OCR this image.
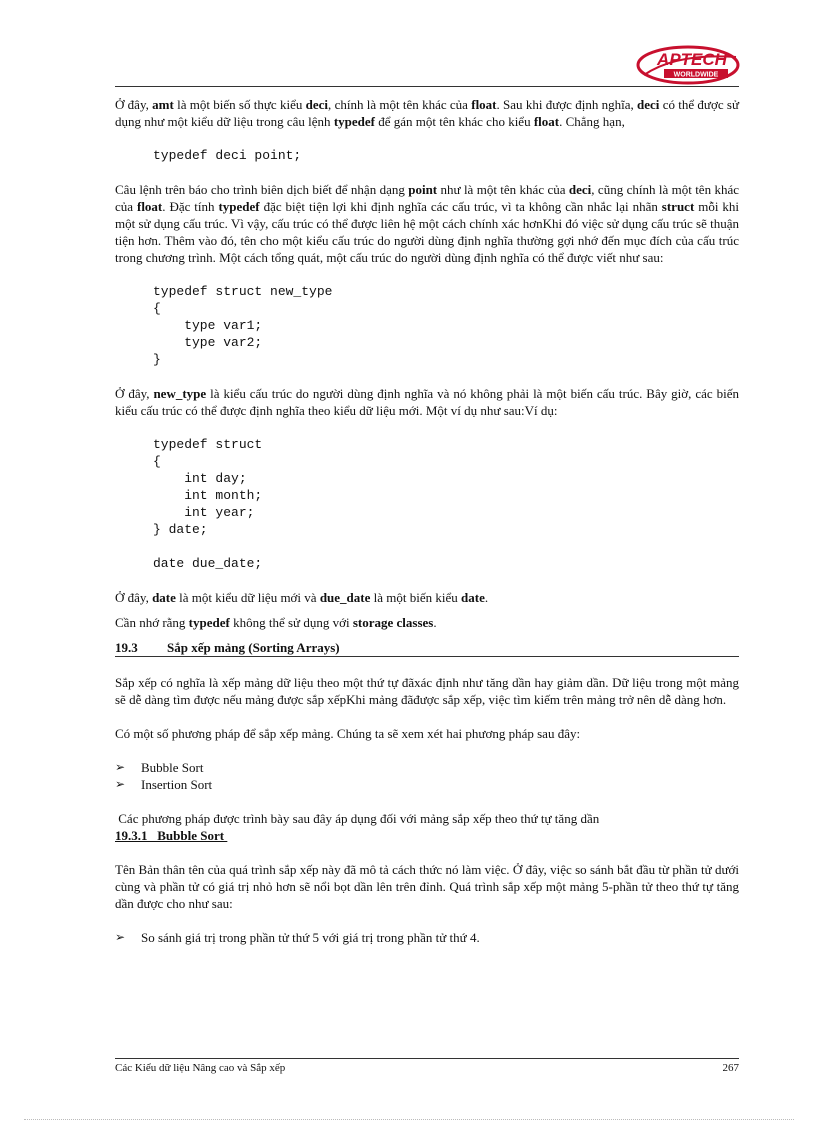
APTECH
WORLDWIDE

Ở đây, amt là một biến số thực kiểu deci, chính là một tên khác của float. Sau khi được định nghĩa, deci có thể được sử dụng như một kiểu dữ liệu trong câu lệnh typedef để gán một tên khác cho kiểu float. Chẳng hạn,

typedef deci point;

Câu lệnh trên báo cho trình biên dịch biết để nhận dạng point như là một tên khác của deci, cũng chính là một tên khác của float. Đặc tính typedef đặc biệt tiện lợi khi định nghĩa các cấu trúc, vì ta không cần nhắc lại nhãn struct mỗi khi một sử dụng cấu trúc. Vì vậy, cấu trúc có thể được liên hệ một cách chính xác hơnKhi đó việc sử dụng cấu trúc sẽ thuận tiện hơn. Thêm vào đó, tên cho một kiểu cấu trúc do người dùng định nghĩa thường gợi nhớ đến mục đích của cấu trúc trong chương trình. Một cách tổng quát, một cấu trúc do người dùng định nghĩa có thể được viết như sau:

typedef struct new_type
{
type var1;
type var2;
}

Ở đây, new_type là kiểu cấu trúc do người dùng định nghĩa và nó không phải là một biến cấu trúc. Bây giờ, các biến kiểu cấu trúc có thể được định nghĩa theo kiểu dữ liệu mới. Một ví dụ như sau:Ví dụ:

typedef struct
{
int day;
int month;
int year;
} date;

date due_date;

Ở đây, date là một kiểu dữ liệu mới và due_date là một biến kiểu date.

Cần nhớ rằng typedef không thể sử dụng với storage classes.

19.3	Sắp xếp mảng (Sorting Arrays)

Sắp xếp có nghĩa là xếp mảng dữ liệu theo một thứ tự đãxác định như tăng dần hay giảm dần. Dữ liệu trong một mảng sẽ dễ dàng tìm được nếu mảng được sắp xếpKhi mảng đãđược sắp xếp, việc tìm kiếm trên mảng trở nên dễ dàng hơn.

Có một số phương pháp để sắp xếp mảng. Chúng ta sẽ xem xét hai phương pháp sau đây:

➢	Bubble Sort
➢	Insertion Sort

Các phương pháp được trình bày sau đây áp dụng đối với mảng sắp xếp theo thứ tự tăng dần

19.3.1   Bubble Sort

Tên Bản thân tên của quá trình sắp xếp này đã mô tả cách thức nó làm việc. Ở đây, việc so sánh bắt đầu từ phần tử dưới cùng và phần tử có giá trị nhỏ hơn sẽ nổi bọt dần lên trên đỉnh. Quá trình sắp xếp một mảng 5-phần tử theo thứ tự tăng dần được cho như sau:

➢	So sánh giá trị trong phần tử thứ 5 với giá trị trong phần tử thứ 4.
Các Kiểu dữ liệu Nâng cao và Sắp xếp	267
